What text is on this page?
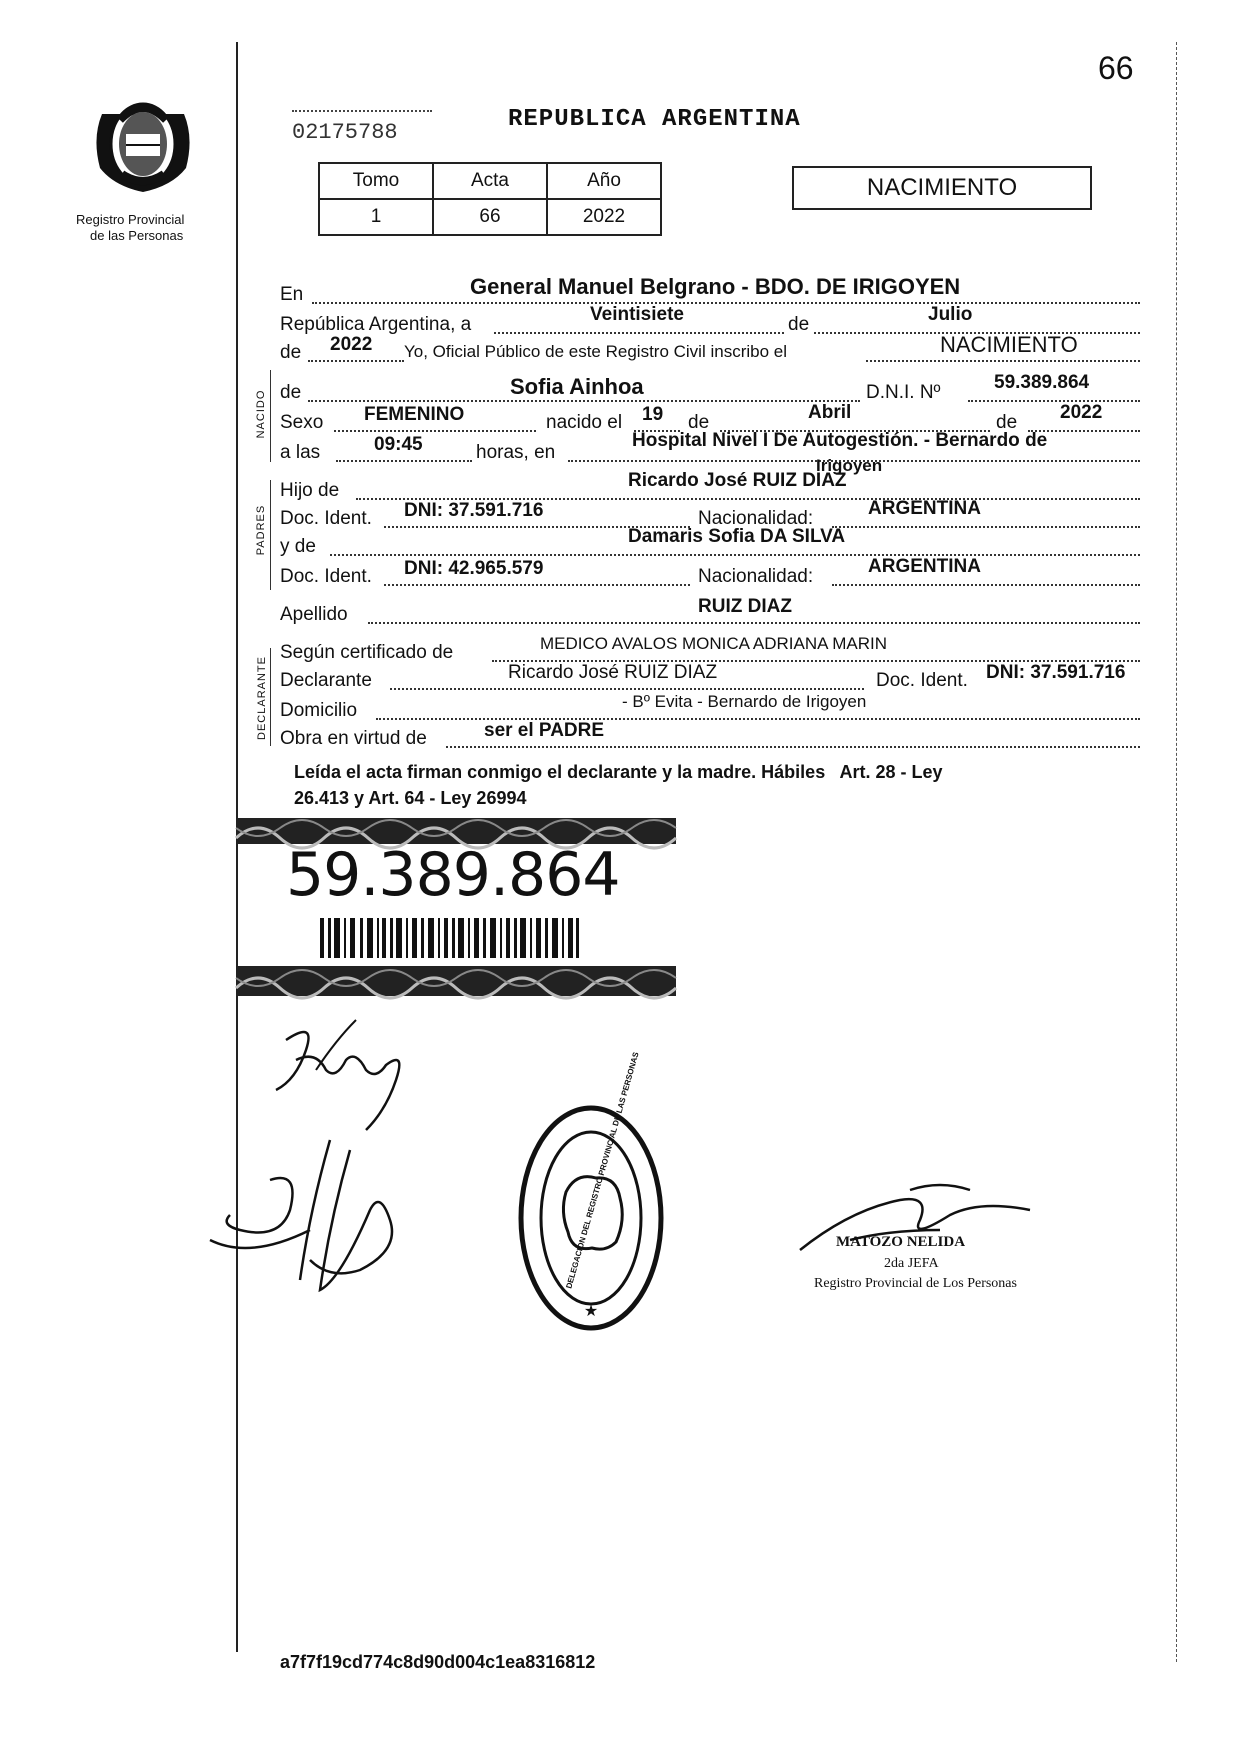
66
Registro Provincial
de las Personas
02175788	REPUBLICA ARGENTINA
Tomo	Acta	Año
1	66	2022
NACIMIENTO
NACIDO
PADRES
DECLARANTE
En	General Manuel Belgrano - BDO. DE IRIGOYEN
República Argentina, a	Veintisiete	de	Julio
de 2022 Yo, Oficial Público de este Registro Civil inscribo el	NACIMIENTO
de	Sofia Ainhoa	D.N.I. Nº	59.389.864
Sexo FEMENINO	nacido el 19 de	Abril	de 2022
a las	09:45	horas, en
Hospital Nivel I De Autogestión. - Bernardo de
Irigoyen
Hijo de	Ricardo José RUIZ DIAZ
Doc. Ident. DNI: 37.591.716	Nacionalidad:	ARGENTINA
y de	Damaris Sofia DA SILVA
Doc. Ident. DNI: 42.965.579	Nacionalidad:	ARGENTINA
Apellido	RUIZ DIAZ
Según certificado de	MEDICO AVALOS MONICA ADRIANA MARIN
Declarante	Ricardo José RUIZ DIAZ	Doc. Ident. DNI: 37.591.716
Domicilio	- Bº Evita - Bernardo de Irigoyen
Obra en virtud de	ser el PADRE
Leída el acta firman conmigo el declarante y la madre. Hábiles   Art. 28 - Ley
26.413 y Art. 64 - Ley 26994
59.389.864
★
DELEGACION DEL REGISTRO PROVINCIAL DE LAS PERSONAS	MATOZO NELIDA
2da JEFA
Registro Provincial de Los Personas
a7f7f19cd774c8d90d004c1ea8316812
